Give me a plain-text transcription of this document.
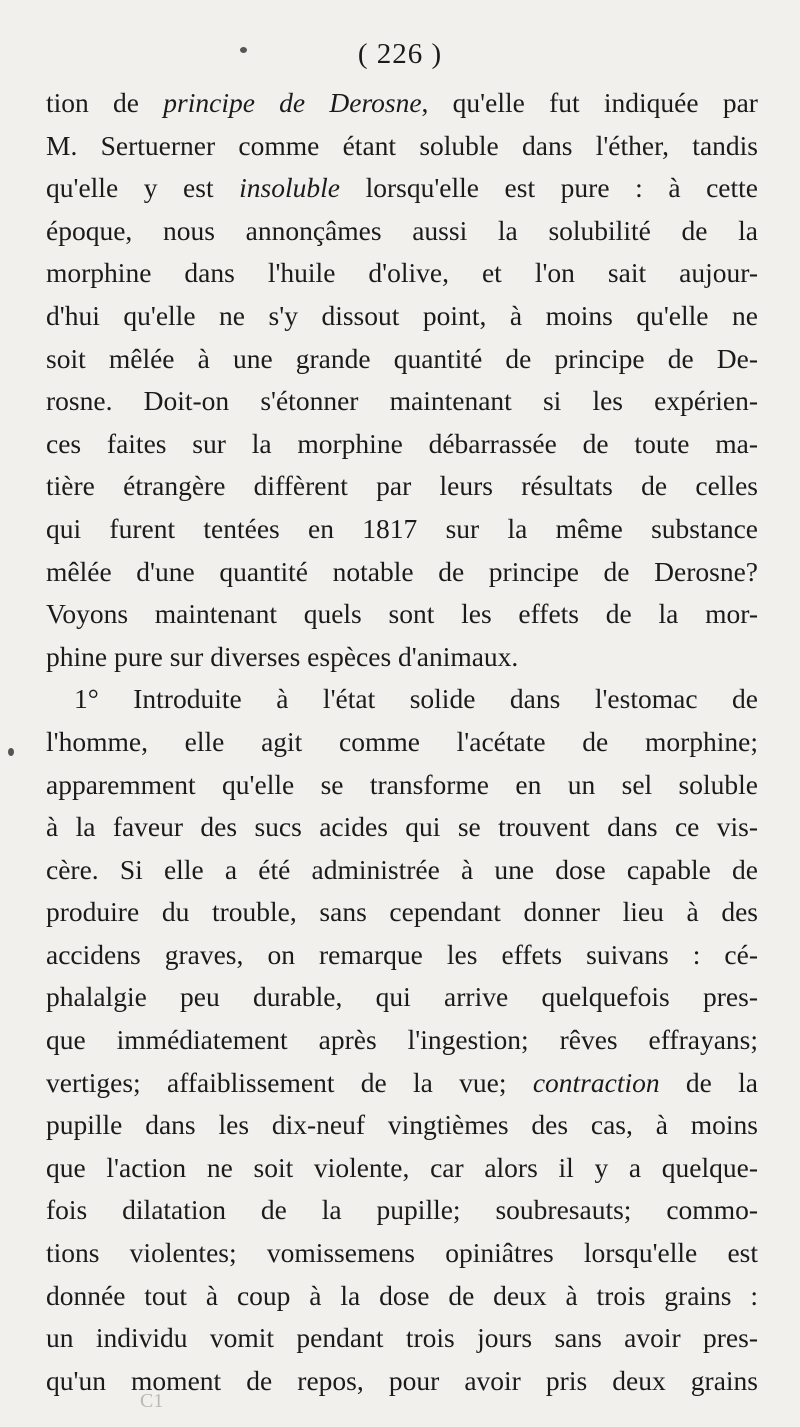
( 226 )
tion de principe de Derosne, qu'elle fut indiquée par
M. Sertuerner comme étant soluble dans l'éther, tandis
qu'elle y est insoluble lorsqu'elle est pure : à cette
époque, nous annonçâmes aussi la solubilité de la
morphine dans l'huile d'olive, et l'on sait aujour-
d'hui qu'elle ne s'y dissout point, à moins qu'elle ne
soit mêlée à une grande quantité de principe de De-
rosne. Doit-on s'étonner maintenant si les expérien-
ces faites sur la morphine débarrassée de toute ma-
tière étrangère diffèrent par leurs résultats de celles
qui furent tentées en 1817 sur la même substance
mêlée d'une quantité notable de principe de Derosne?
Voyons maintenant quels sont les effets de la mor-
phine pure sur diverses espèces d'animaux.
1° Introduite à l'état solide dans l'estomac de
l'homme, elle agit comme l'acétate de morphine;
apparemment qu'elle se transforme en un sel soluble
à la faveur des sucs acides qui se trouvent dans ce vis-
cère. Si elle a été administrée à une dose capable de
produire du trouble, sans cependant donner lieu à des
accidens graves, on remarque les effets suivans : cé-
phalalgie peu durable, qui arrive quelquefois pres-
que immédiatement après l'ingestion; rêves effrayans;
vertiges; affaiblissement de la vue; contraction de la
pupille dans les dix-neuf vingtièmes des cas, à moins
que l'action ne soit violente, car alors il y a quelque-
fois dilatation de la pupille; soubresauts; commo-
tions violentes; vomissemens opiniâtres lorsqu'elle est
donnée tout à coup à la dose de deux à trois grains :
un individu vomit pendant trois jours sans avoir pres-
qu'un moment de repos, pour avoir pris deux grains
C1
